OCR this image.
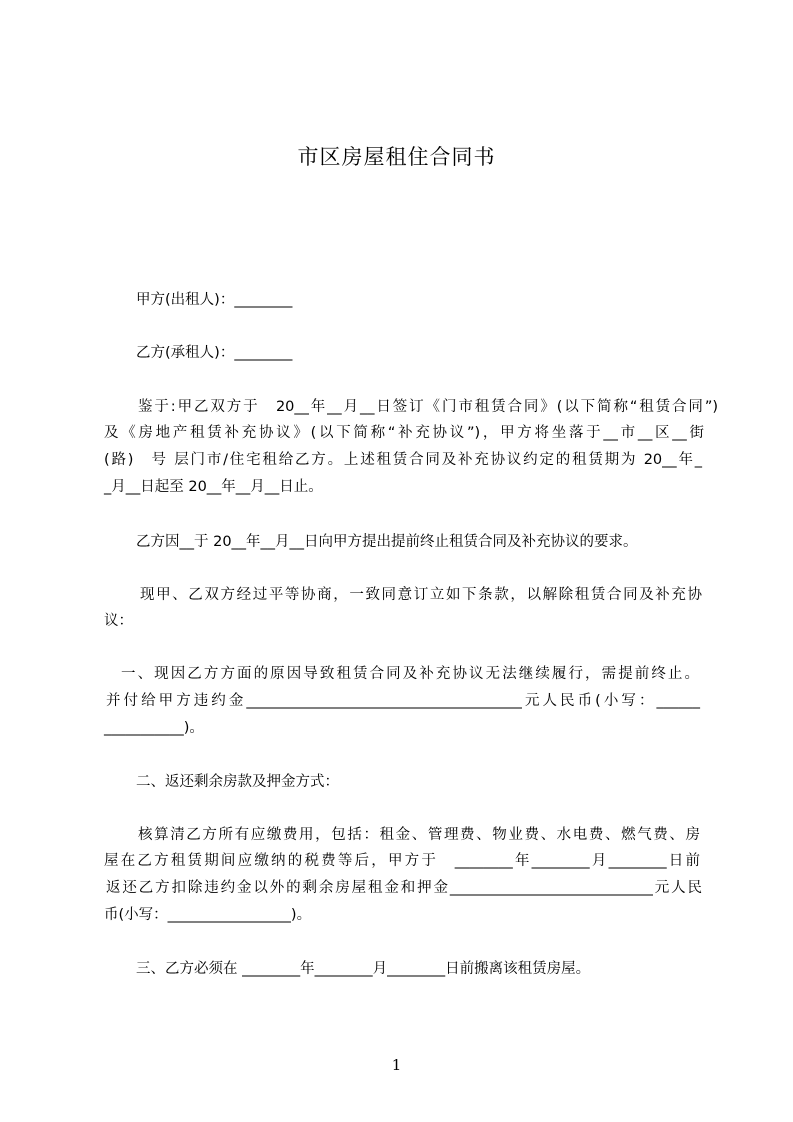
市区房屋租住合同书
甲方(出租人)：________
乙方(承租人)：________
鉴于:甲乙双方于　20__年__月__日签订《门市租赁合同》(以下简称“租赁合同”)
及《房地产租赁补充协议》(以下简称“补充协议”)，甲方将坐落于__市__区__街
(路)　号 层门市/住宅租给乙方。上述租赁合同及补充协议约定的租赁期为 20__年_
_月__日起至 20__年__月__日止。
乙方因__于 20__年__月__日向甲方提出提前终止租赁合同及补充协议的要求。
现甲、乙双方经过平等协商，一致同意订立如下条款，以解除租赁合同及补充协
议：
一、现因乙方方面的原因导致租赁合同及补充协议无法继续履行，需提前终止。
并付给甲方违约金______________________________________元人民币(小写：______
___________)。
二、返还剩余房款及押金方式：
核算清乙方所有应缴费用，包括：租金、管理费、物业费、水电费、燃气费、房
屋在乙方租赁期间应缴纳的税费等后，甲方于　________年________月________日前
返还乙方扣除违约金以外的剩余房屋租金和押金____________________________元人民
币(小写：_________________)。
三、乙方必须在 ________年________月________日前搬离该租赁房屋。
1
